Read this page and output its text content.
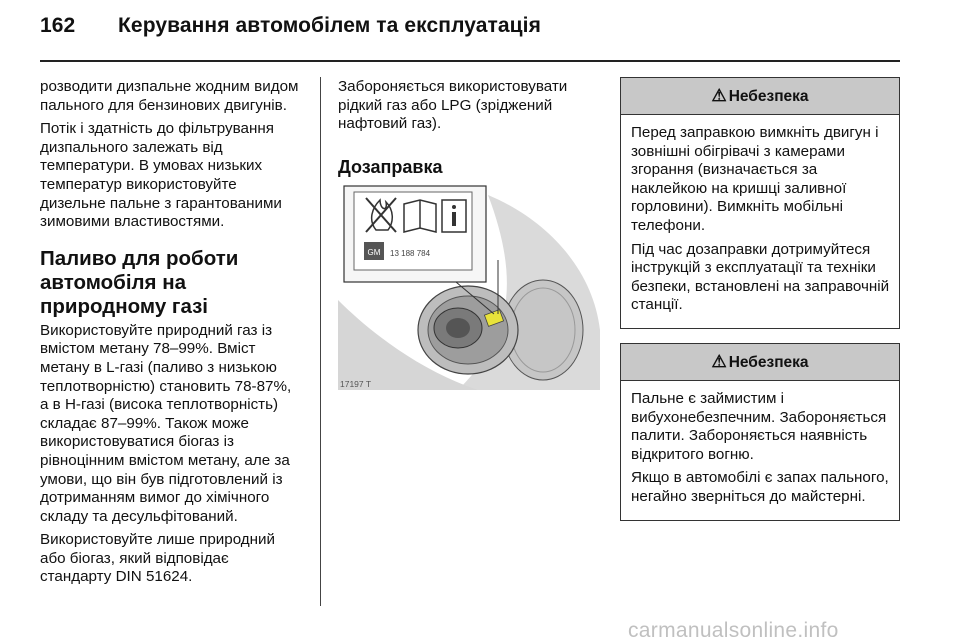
162 Керування автомобілем та експлуатація

розводити дизпальне жодним видом пального для бензинових двигунів.

Потік і здатність до фільтрування дизпального залежать від температури. В умовах низьких температур використовуйте дизельне пальне з гарантованими зимовими властивостями.

Паливо для роботи автомобіля на природному газі

Використовуйте природний газ із вмістом метану 78–99%. Вміст метану в L-газі (паливо з низькою теплотворністю) становить 78-87%, а в H-газі (висока теплотворність) складає 87–99%. Також може використовуватися біогаз із рівноцінним вмістом метану, але за умови, що він був підготовлений із дотриманням вимог до хімічного складу та десульфітований.

Використовуйте лише природний або біогаз, який відповідає стандарту DIN 51624.

Забороняється використовувати рідкий газ або LPG (зріджений нафтовий газ).

Дозаправка
GM 13 188 784
17197 T
⚠ Небезпека

Перед заправкою вимкніть двигун і зовнішні обігрівачі з камерами згорання (визначається за наклейкою на кришці заливної горловини). Вимкніть мобільні телефони.

Під час дозаправки дотримуйтеся інструкцій з експлуатації та техніки безпеки, встановлені на заправочній станції.

⚠ Небезпека

Пальне є займистим і вибухонебезпечним. Забороняється палити. Забороняється наявність відкритого вогню.

Якщо в автомобілі є запах пального, негайно зверніться до майстерні.

carmanualsonline.info
